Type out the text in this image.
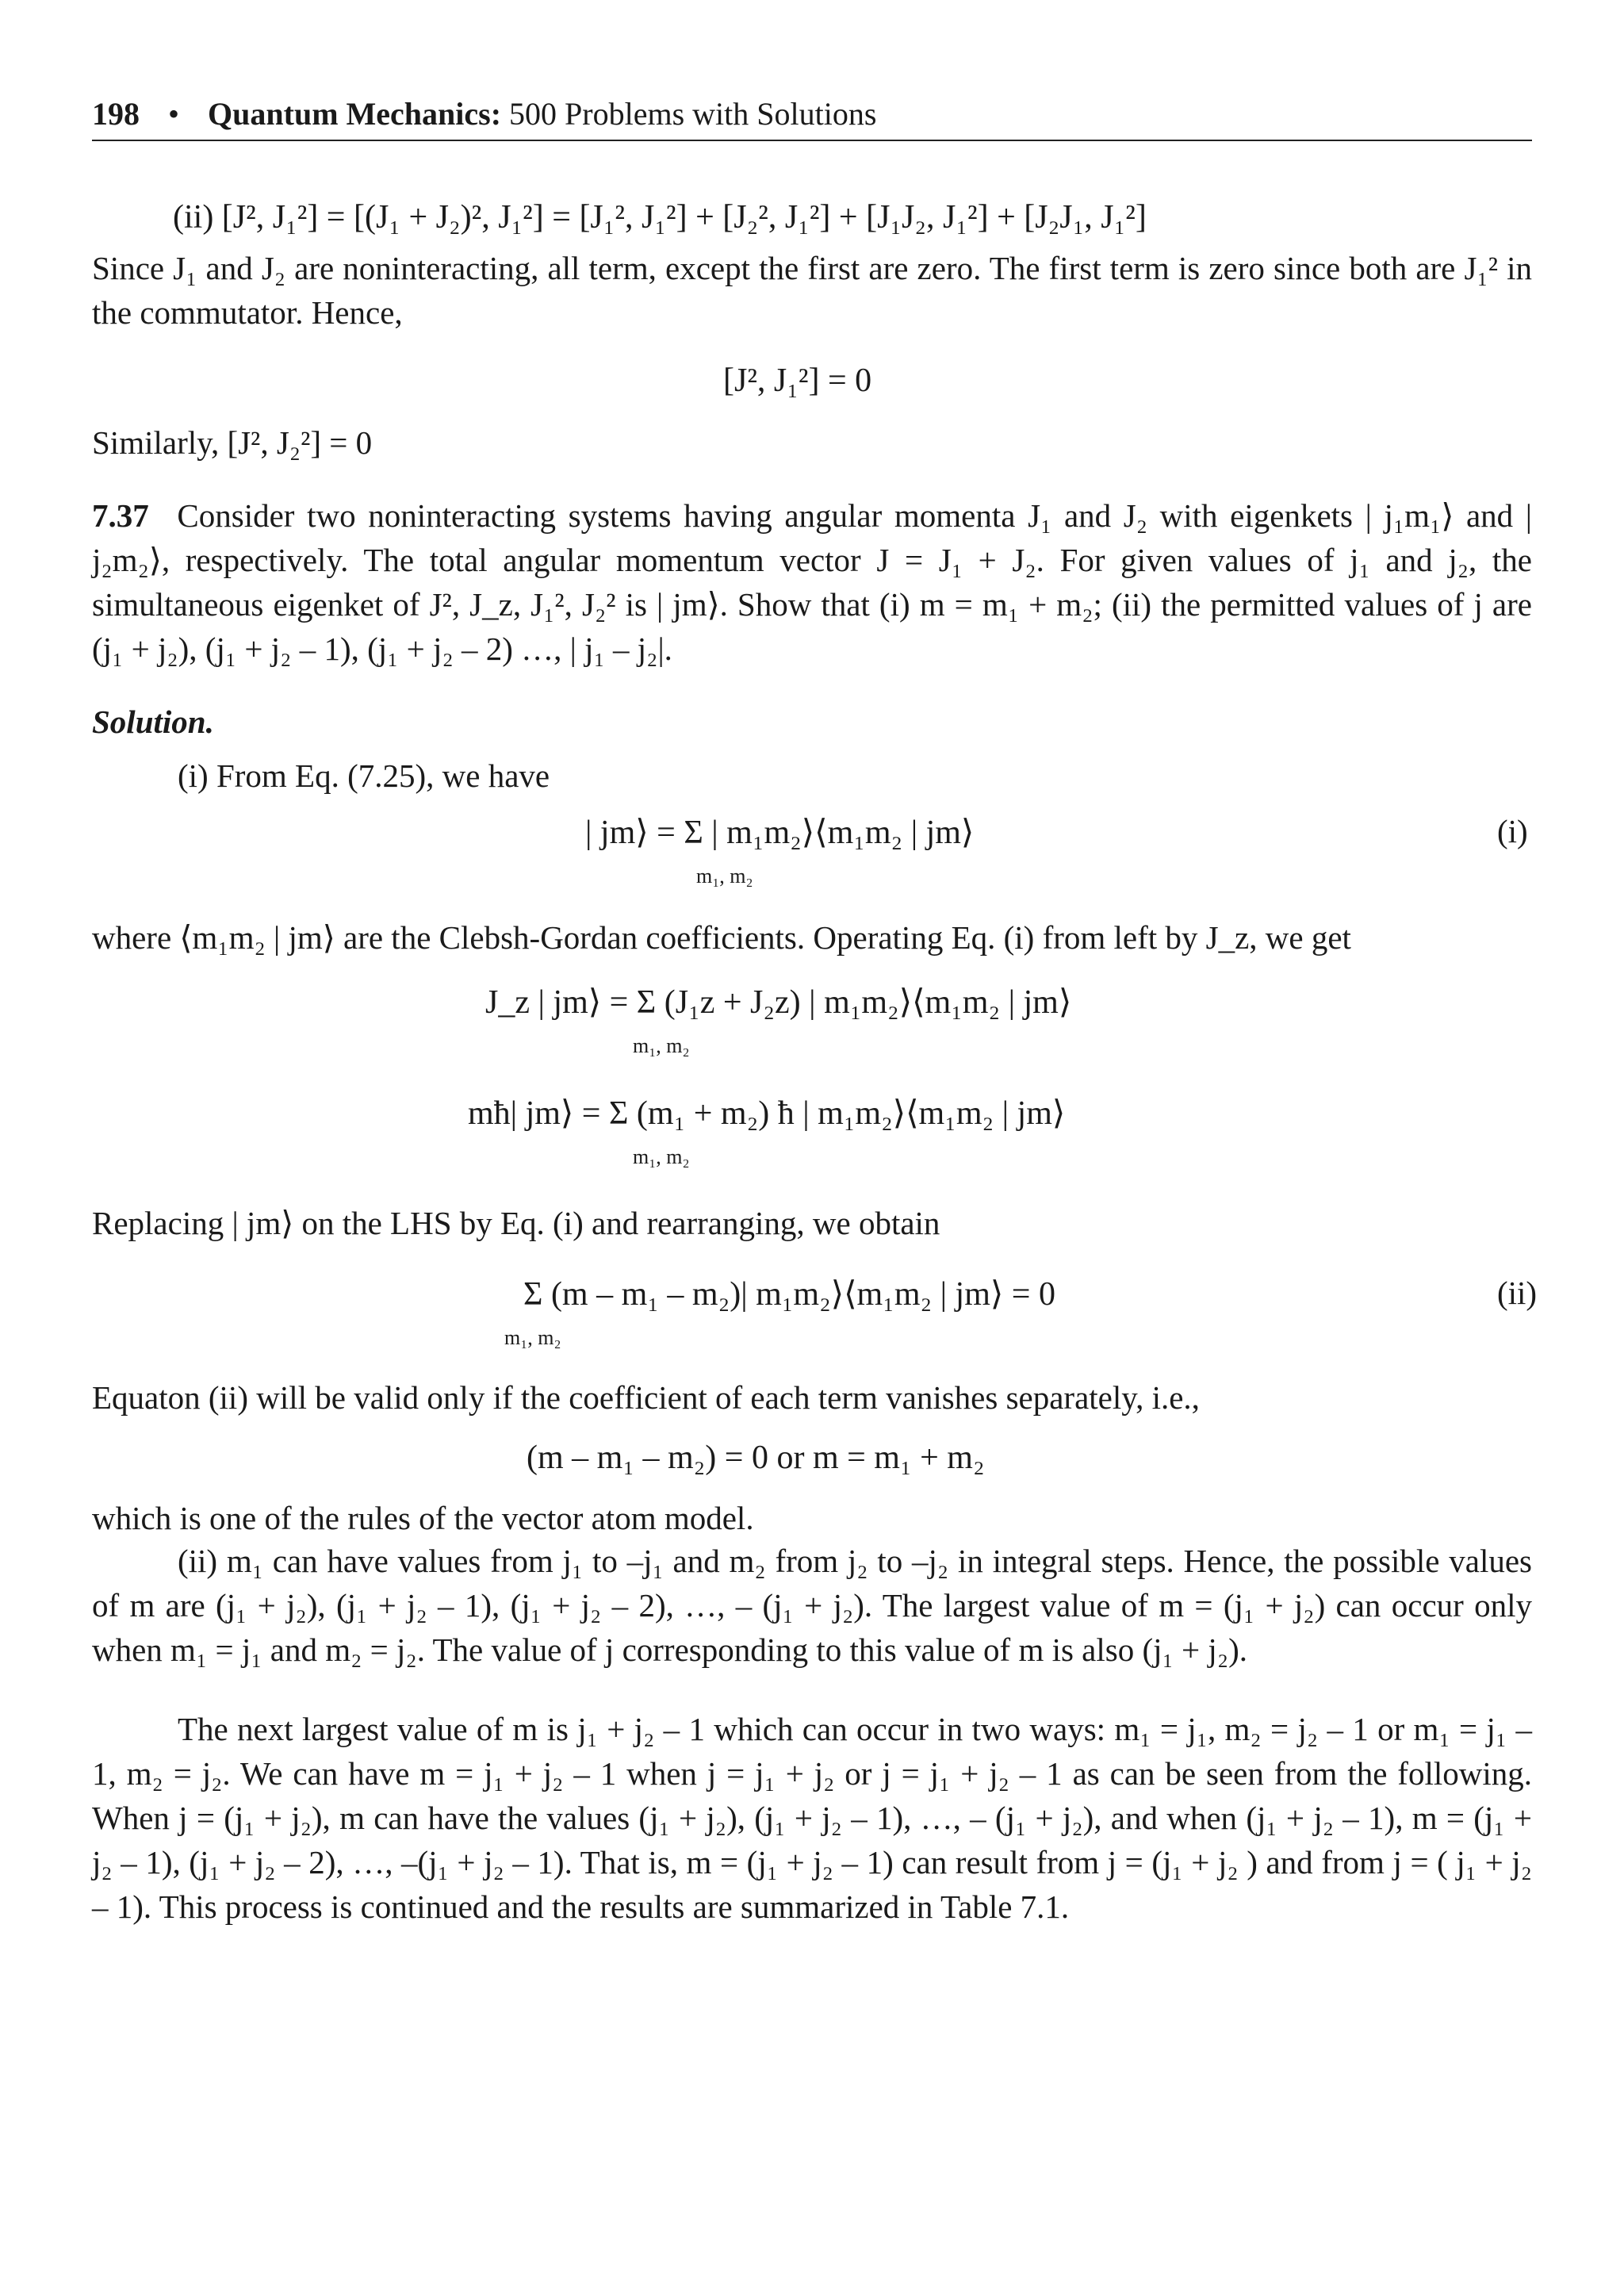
198 • Quantum Mechanics: 500 Problems with Solutions
(ii) [J², J₁²] = [(J₁ + J₂)², J₁²] = [J₁², J₁²] + [J₂², J₁²] + [J₁J₂, J₁²] + [J₂J₁, J₁²]
Since J₁ and J₂ are noninteracting, all term, except the first are zero. The first term is zero since both are J₁² in the commutator. Hence,
[J², J₁²] = 0
Similarly, [J², J₂²] = 0
7.37 Consider two noninteracting systems having angular momenta J₁ and J₂ with eigenkets | j₁m₁⟩ and | j₂m₂⟩, respectively. The total angular momentum vector J = J₁ + J₂. For given values of j₁ and j₂, the simultaneous eigenket of J², J_z, J₁², J₂² is | jm⟩. Show that (i) m = m₁ + m₂; (ii) the permitted values of j are (j₁ + j₂), (j₁ + j₂ – 1), (j₁ + j₂ – 2) …, | j₁ – j₂|.
Solution.
(i) From Eq. (7.25), we have
| jm⟩ = Σ | m₁m₂⟩⟨m₁m₂ | jm⟩
m₁, m₂
(i)
where ⟨m₁m₂ | jm⟩ are the Clebsh-Gordan coefficients. Operating Eq. (i) from left by J_z, we get
J_z | jm⟩ = Σ (J₁z + J₂z) | m₁m₂⟩⟨m₁m₂ | jm⟩
m₁, m₂
mħ| jm⟩ = Σ (m₁ + m₂) ħ | m₁m₂⟩⟨m₁m₂ | jm⟩
m₁, m₂
Replacing | jm⟩ on the LHS by Eq. (i) and rearranging, we obtain
Σ (m – m₁ – m₂)| m₁m₂⟩⟨m₁m₂ | jm⟩ = 0
m₁, m₂
(ii)
Equaton (ii) will be valid only if the coefficient of each term vanishes separately, i.e.,
(m – m₁ – m₂) = 0 or m = m₁ + m₂
which is one of the rules of the vector atom model.
(ii) m₁ can have values from j₁ to –j₁ and m₂ from j₂ to –j₂ in integral steps. Hence, the possible values of m are (j₁ + j₂), (j₁ + j₂ – 1), (j₁ + j₂ – 2), …, – (j₁ + j₂). The largest value of m = (j₁ + j₂) can occur only when m₁ = j₁ and m₂ = j₂. The value of j corresponding to this value of m is also (j₁ + j₂).
The next largest value of m is j₁ + j₂ – 1 which can occur in two ways: m₁ = j₁, m₂ = j₂ – 1 or m₁ = j₁ – 1, m₂ = j₂. We can have m = j₁ + j₂ – 1 when j = j₁ + j₂ or j = j₁ + j₂ – 1 as can be seen from the following. When j = (j₁ + j₂), m can have the values (j₁ + j₂), (j₁ + j₂ – 1), …, – (j₁ + j₂), and when (j₁ + j₂ – 1), m = (j₁ + j₂ – 1), (j₁ + j₂ – 2), …, –(j₁ + j₂ – 1). That is, m = (j₁ + j₂ – 1) can result from j = (j₁ + j₂ ) and from j = ( j₁ + j₂ – 1). This process is continued and the results are summarized in Table 7.1.
